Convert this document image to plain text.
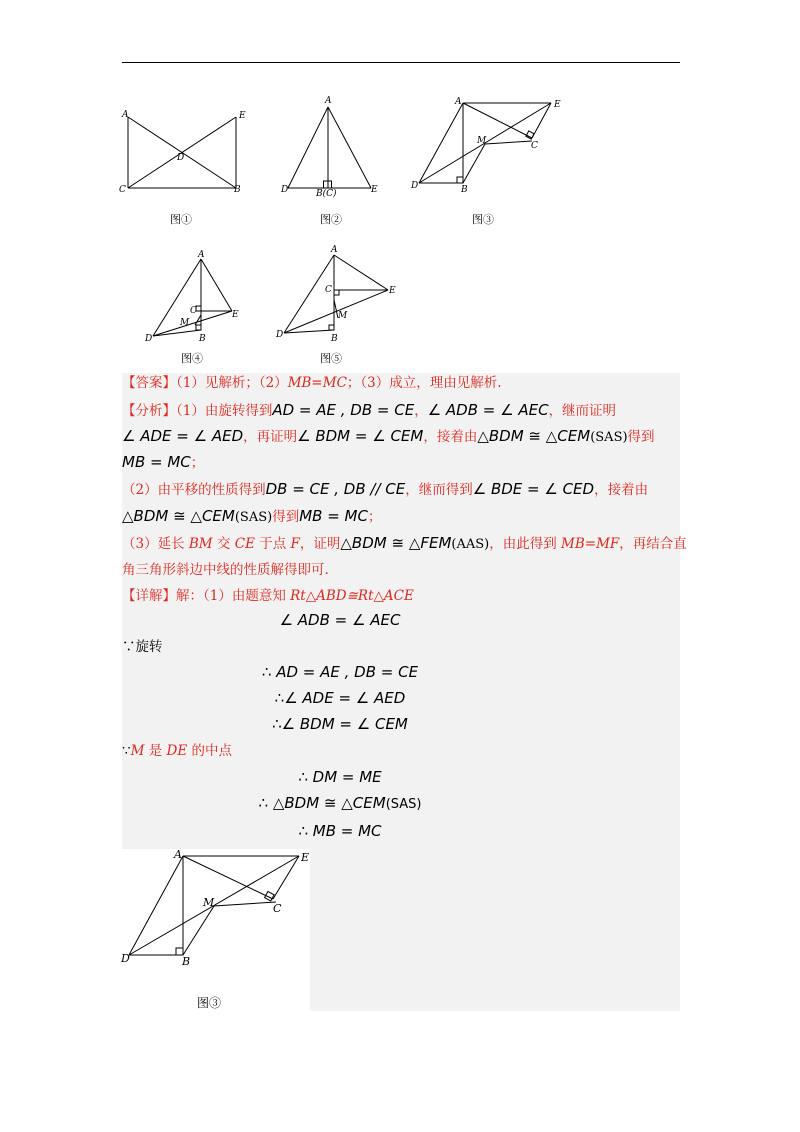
A	E
D
C	B
图①
A
D	B(C)	E
图②
A	E
M	C
D	B
图③
A
C
M
E
D	B
图④
A
C	E
M
D	B
图⑤
【答案】（1）见解析；（2）MB=MC；（3）成立，理由见解析.
【分析】（1）由旋转得到AD = AE , DB = CE，∠ ADB = ∠ AEC，继而证明
∠ ADE = ∠ AED，再证明∠ BDM = ∠ CEM，接着由△BDM ≅ △CEM(SAS)得到
MB = MC；
（2）由平移的性质得到DB = CE , DB // CE，继而得到∠ BDE = ∠ CED，接着由
△BDM ≅ △CEM(SAS)得到MB = MC；
（3）延长 BM 交 CE 于点 F，证明△BDM ≅ △FEM(AAS)，由此得到 MB=MF，再结合直
角三角形斜边中线的性质解得即可.
【详解】解：（1）由题意知 Rt△ABD≅Rt△ACE
∠ ADB = ∠ AEC
∵旋转
∴ AD = AE , DB = CE
∴∠ ADE = ∠ AED
∴∠ BDM = ∠ CEM
∵M 是 DE 的中点
∴ DM = ME
∴ △BDM ≅ △CEM(SAS)
∴ MB = MC
A	E
M	C
D	B
图③
